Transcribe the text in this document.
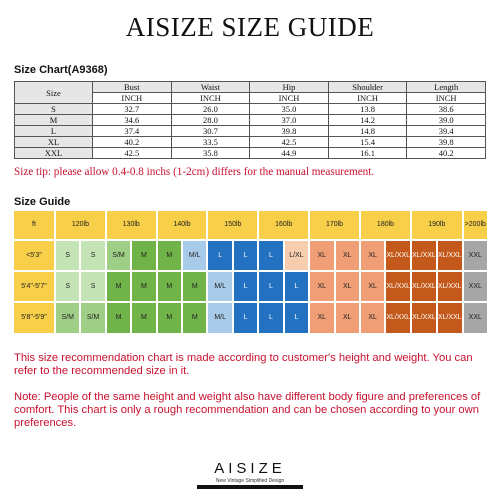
AISIZE SIZE GUIDE
Size Chart(A9368)
Size	Bust	Waist	Hip	Shoulder	Length
	INCH	INCH	INCH	INCH	INCH
S	32.7	26.0	35.0	13.8	38.6
M	34.6	28.0	37.0	14.2	39.0
L	37.4	30.7	39.8	14.8	39.4
XL	40.2	33.5	42.5	15.4	39.8
XXL	42.5	35.8	44.9	16.1	40.2
Size tip: please allow 0.4-0.8 inchs (1-2cm) differs for the manual measurement.
Size Guide
ft	120lb	130lb	140lb	150lb	160lb	170lb	180lb	190lb	>200lb
<5'3"	S	S	S/M	M	M	M/L	L	L	L	L/XL	XL	XL	XL	XL/XXL XL/XXL XL/XXL	XXL
5'4"-5'7"	S	S	M	M	M	M	M/L	L	L	L	XL	XL	XL	XL/XXL XL/XXL XL/XXL	XXL
5'8"-5'9"	S/M	S/M	M	M	M	M	M/L	L	L	L	XL	XL	XL	XL/XXL XL/XXL XL/XXL	XXL
This size recommendation chart is made according to customer's height and weight. You can refer to the recommended size in it.
Note: People of the same height and weight also have different body figure and preferences of comfort. This chart is only a rough recommendation and can be chosen according to your own preferences.
AISIZE
New Vintage Simplified Design
